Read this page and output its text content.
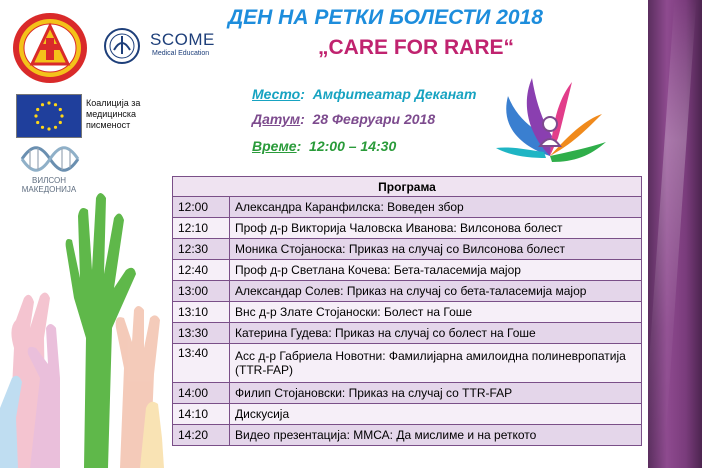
SCOME
Medical Education
Коалиција за медицинска писменост
ВИЛСОН
МАКЕДОНИЈА
ДЕН НА РЕТКИ БОЛЕСТИ 2018
„CARE FOR RARE“
Место:  Амфитеатар Деканат
Датум:  28 Февруари 2018
Време:  12:00 – 14:30
Програма	
12:00	Александра Каранфилска: Воведен збор
12:10	Проф д-р Викторија Чаловска Иванова: Вилсонова болест
12:30	Моника Стојаноска: Приказ на случај со Вилсонова болест
12:40	Проф д-р Светлана Кочева: Бета-таласемија мајор
13:00	Александар Солев: Приказ на случај со бета-таласемија мајор
13:10	Внс д-р Злате Стојаноски: Болест на Гоше
13:30	Катерина Гудева: Приказ на случај со болест на Гоше
13:40	Асс д-р Габриела Новотни: Фамилијарна амилоидна полиневропатија (TTR-FAP)
14:00	Филип Стојановски: Приказ на случај со TTR-FAP
14:10	Дискусија
14:20	Видео презентација: ММСА: Да мислиме и на реткото
